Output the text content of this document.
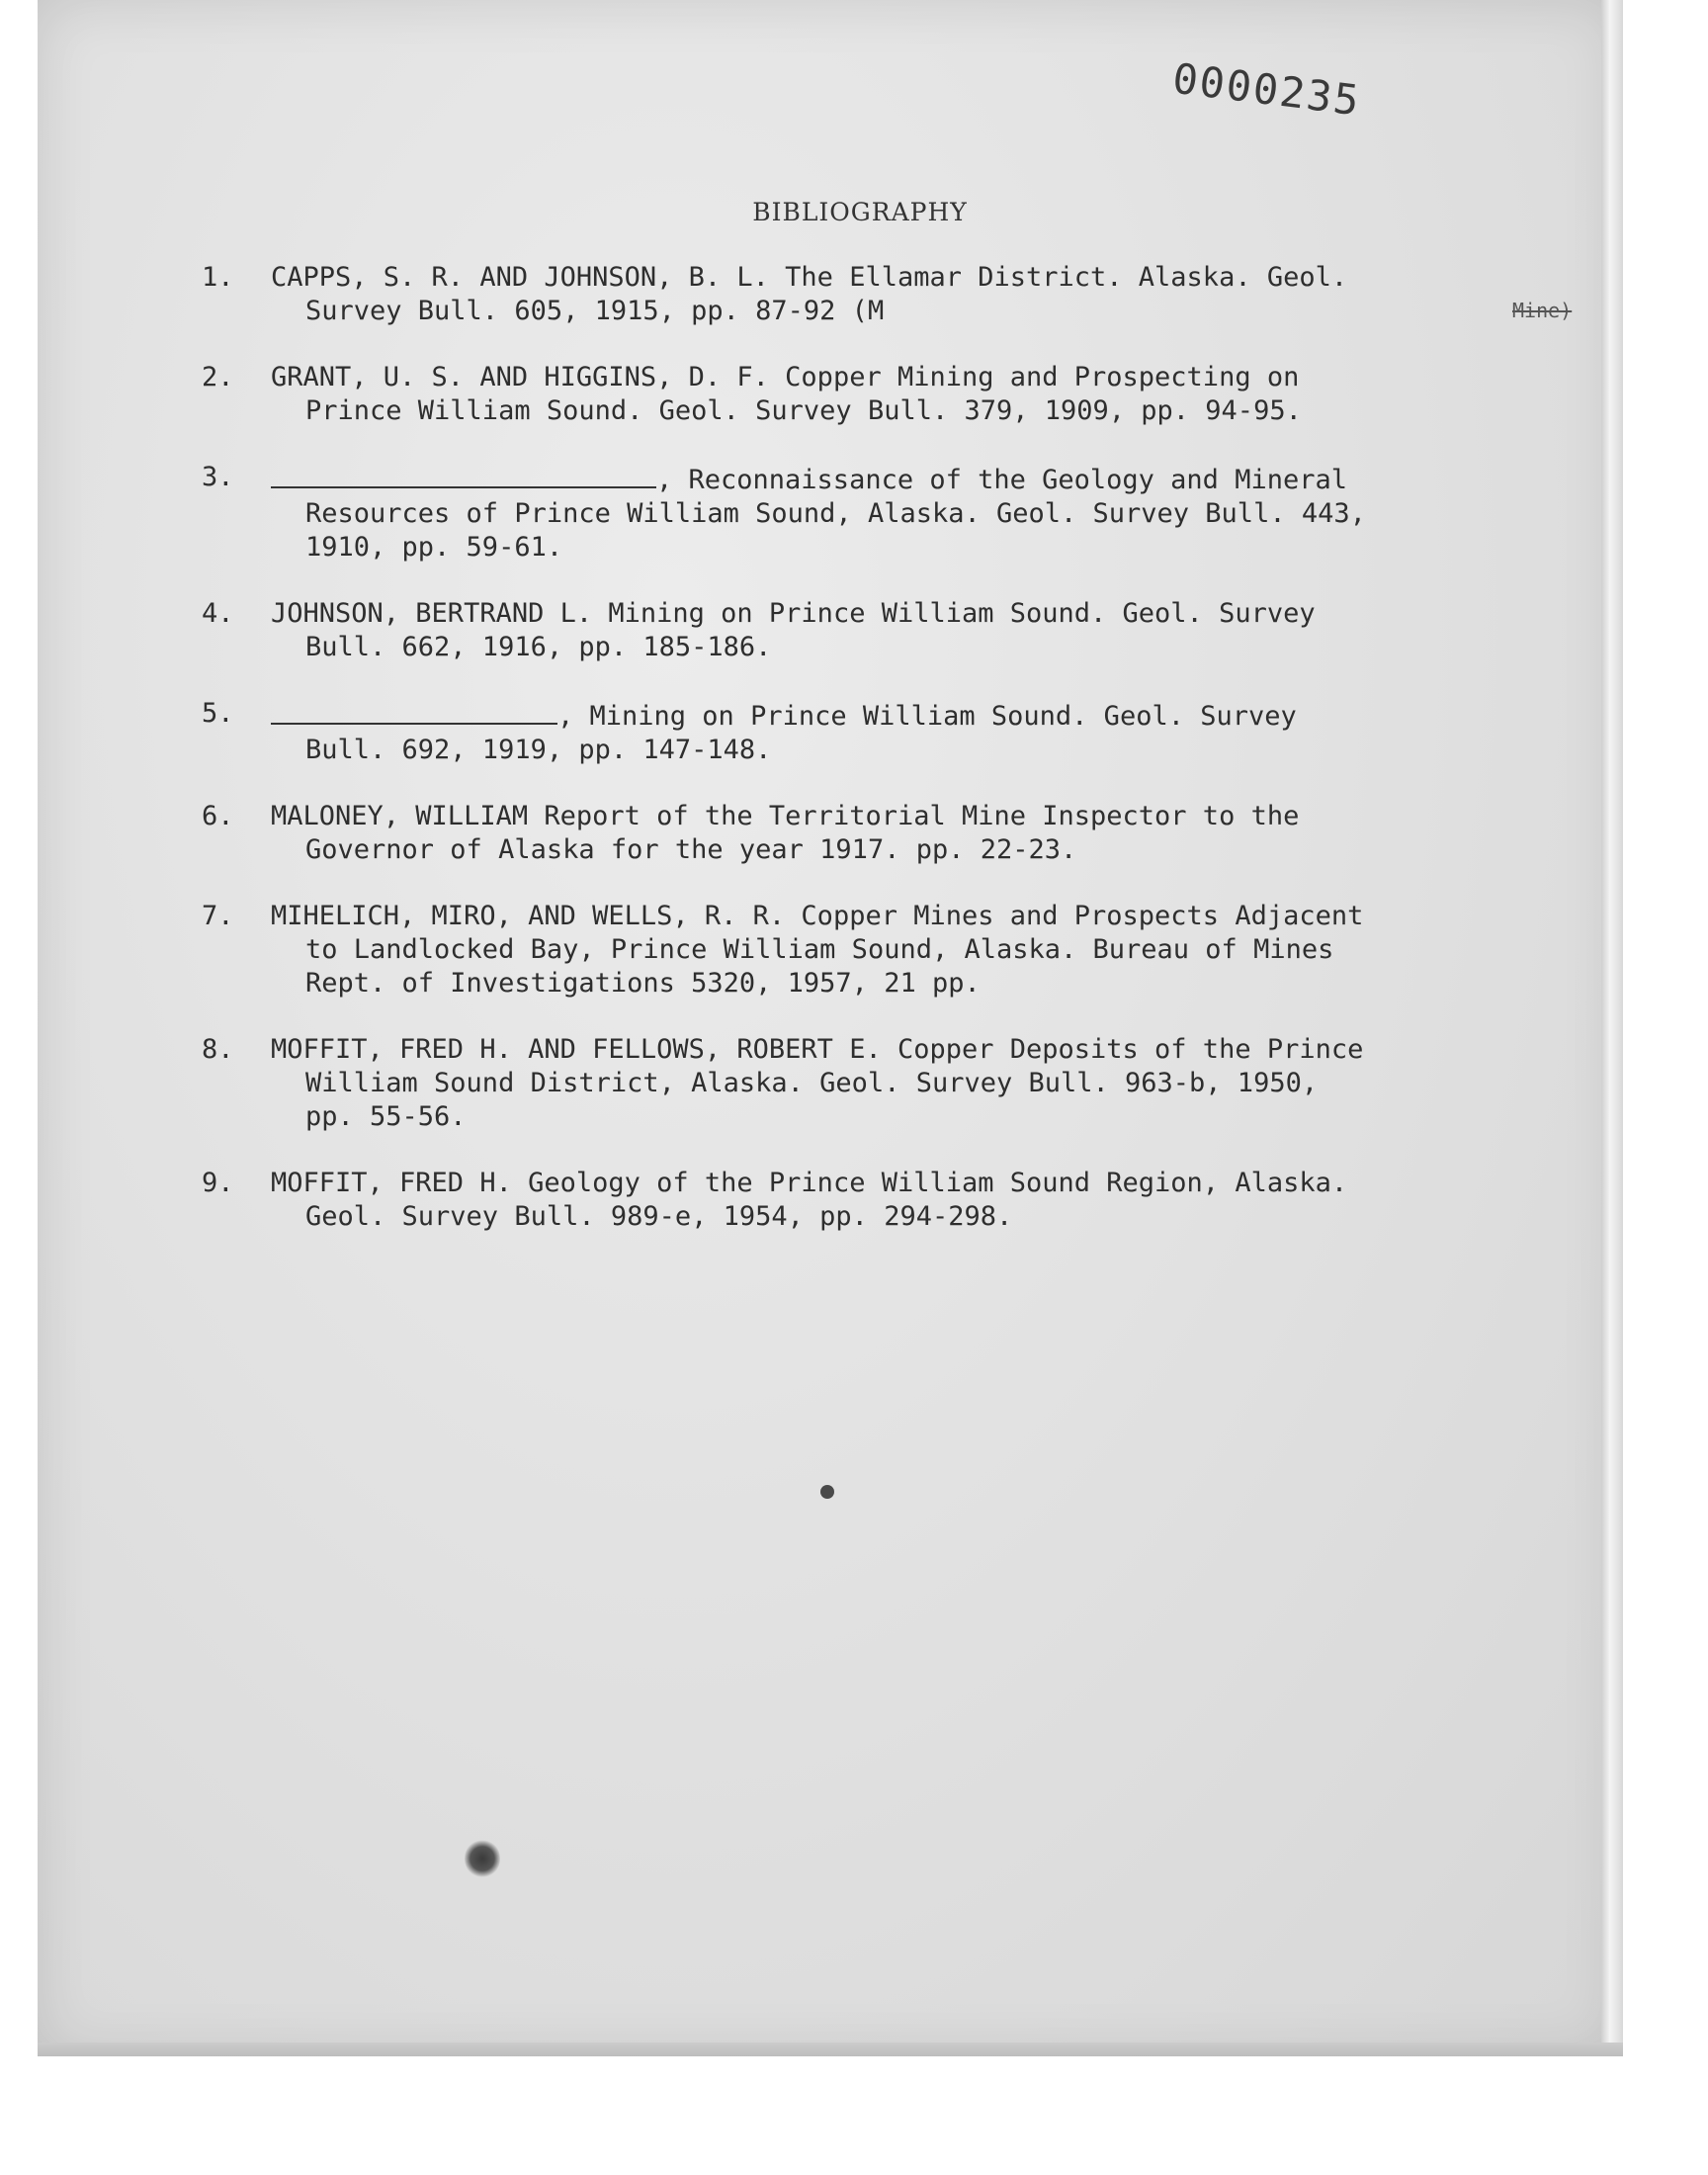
0000235
BIBLIOGRAPHY
Mine)
1. CAPPS, S. R. AND JOHNSON, B. L. The Ellamar District. Alaska. Geol.
Survey Bull. 605, 1915, pp. 87-92 (M
2. GRANT, U. S. AND HIGGINS, D. F. Copper Mining and Prospecting on
Prince William Sound. Geol. Survey Bull. 379, 1909, pp. 94-95.
3.	, Reconnaissance of the Geology and Mineral
Resources of Prince William Sound, Alaska. Geol. Survey Bull. 443,
1910, pp. 59-61.
4. JOHNSON, BERTRAND L. Mining on Prince William Sound. Geol. Survey
Bull. 662, 1916, pp. 185-186.
5.	, Mining on Prince William Sound. Geol. Survey
Bull. 692, 1919, pp. 147-148.
6. MALONEY, WILLIAM Report of the Territorial Mine Inspector to the
Governor of Alaska for the year 1917. pp. 22-23.
7. MIHELICH, MIRO, AND WELLS, R. R. Copper Mines and Prospects Adjacent
to Landlocked Bay, Prince William Sound, Alaska. Bureau of Mines
Rept. of Investigations 5320, 1957, 21 pp.
8. MOFFIT, FRED H. AND FELLOWS, ROBERT E. Copper Deposits of the Prince
William Sound District, Alaska. Geol. Survey Bull. 963-b, 1950,
pp. 55-56.
9. MOFFIT, FRED H. Geology of the Prince William Sound Region, Alaska.
Geol. Survey Bull. 989-e, 1954, pp. 294-298.
